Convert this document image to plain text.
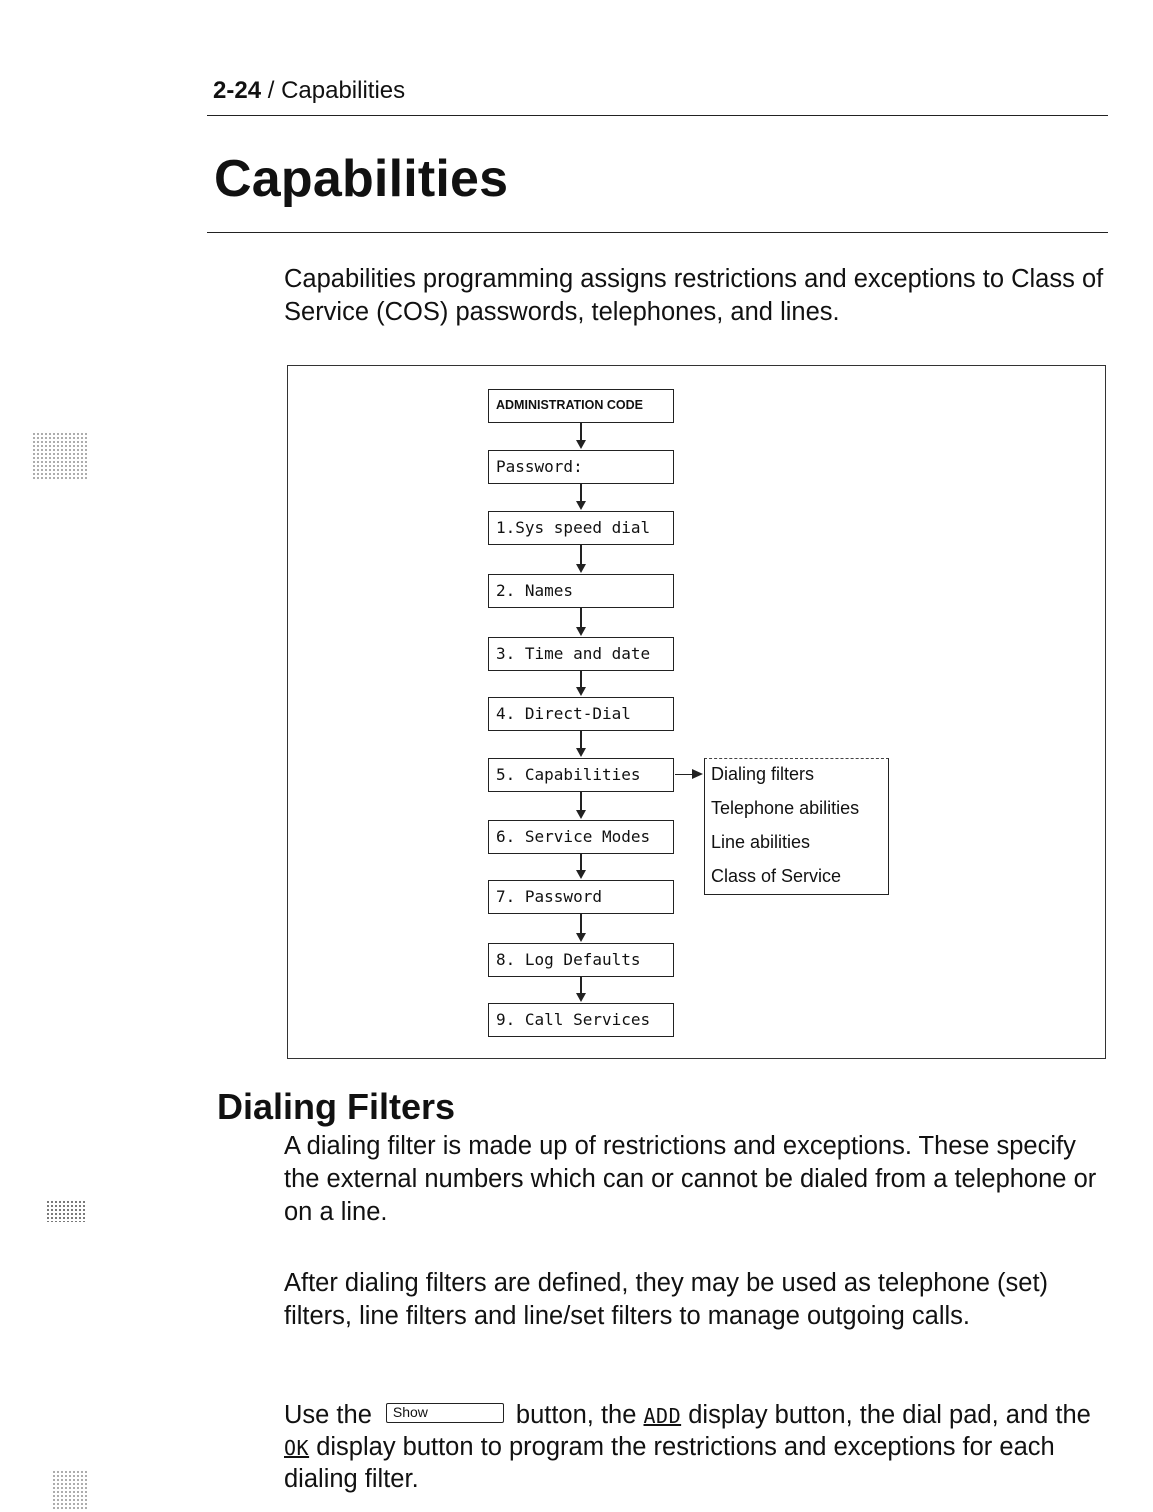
2-24 / Capabilities
Capabilities

Capabilities programming assigns restrictions and exceptions to Class of Service (COS) passwords, telephones, and lines.

ADMINISTRATION CODE
Password:
1.Sys speed dial
2. Names
3. Time and date
4. Direct-Dial
5. Capabilities
6. Service Modes
7. Password
8. Log Defaults
9. Call Services
Dialing filters
Telephone abilities
Line abilities
Class of Service
Dialing Filters

A dialing filter is made up of restrictions and exceptions. These specify the external numbers which can or cannot be dialed from a telephone or on a line.

After dialing filters are defined, they may be used as telephone (set) filters, line filters and line/set filters to manage outgoing calls.

Use the Show	button, the ADD display button, the dial pad, and the OK display button to program the restrictions and exceptions for each dialing filter.
